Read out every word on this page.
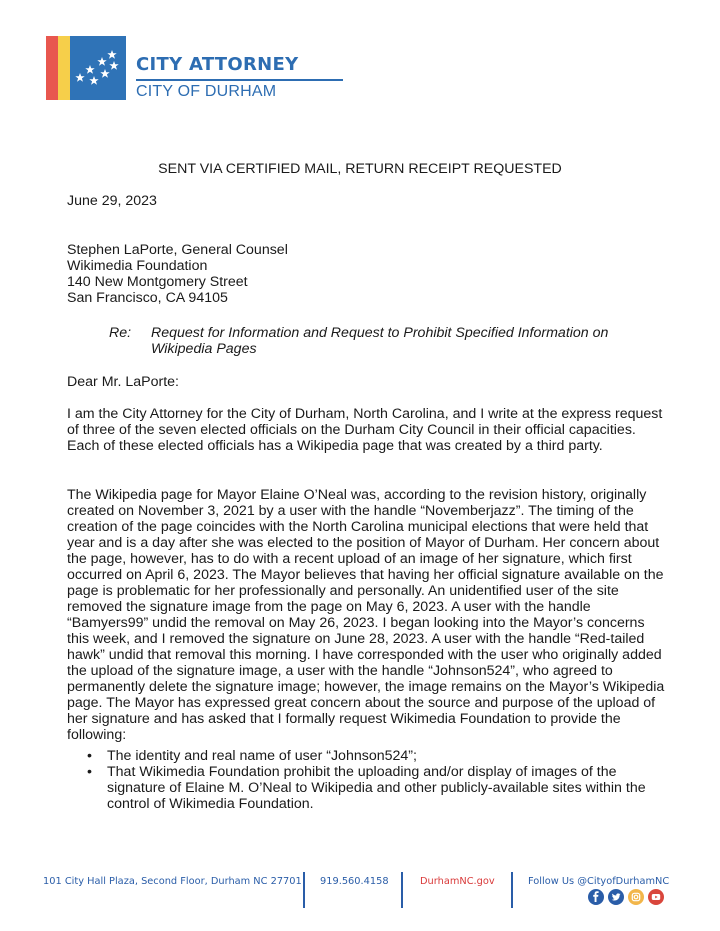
CITY ATTORNEY
CITY OF DURHAM
SENT VIA CERTIFIED MAIL, RETURN RECEIPT REQUESTED
June 29, 2023
Stephen LaPorte, General Counsel
Wikimedia Foundation
140 New Montgomery Street
San Francisco, CA 94105
Re: Request for Information and Request to Prohibit Specified Information on Wikipedia Pages
Dear Mr. LaPorte:
I am the City Attorney for the City of Durham, North Carolina, and I write at the express request of three of the seven elected officials on the Durham City Council in their official capacities. Each of these elected officials has a Wikipedia page that was created by a third party.
The Wikipedia page for Mayor Elaine O’Neal was, according to the revision history, originally created on November 3, 2021 by a user with the handle “Novemberjazz”. The timing of the creation of the page coincides with the North Carolina municipal elections that were held that year and is a day after she was elected to the position of Mayor of Durham. Her concern about the page, however, has to do with a recent upload of an image of her signature, which first occurred on April 6, 2023. The Mayor believes that having her official signature available on the page is problematic for her professionally and personally. An unidentified user of the site removed the signature image from the page on May 6, 2023. A user with the handle “Bamyers99” undid the removal on May 26, 2023. I began looking into the Mayor’s concerns this week, and I removed the signature on June 28, 2023. A user with the handle “Red-tailed hawk” undid that removal this morning. I have corresponded with the user who originally added the upload of the signature image, a user with the handle “Johnson524”, who agreed to permanently delete the signature image; however, the image remains on the Mayor’s Wikipedia page. The Mayor has expressed great concern about the source and purpose of the upload of her signature and has asked that I formally request Wikimedia Foundation to provide the following:
• The identity and real name of user “Johnson524”;
• That Wikimedia Foundation prohibit the uploading and/or display of images of the signature of Elaine M. O’Neal to Wikipedia and other publicly-available sites within the control of Wikimedia Foundation.
101 City Hall Plaza, Second Floor, Durham NC 27701 919.560.4158	DurhamNC.gov	Follow Us @CityofDurhamNC
